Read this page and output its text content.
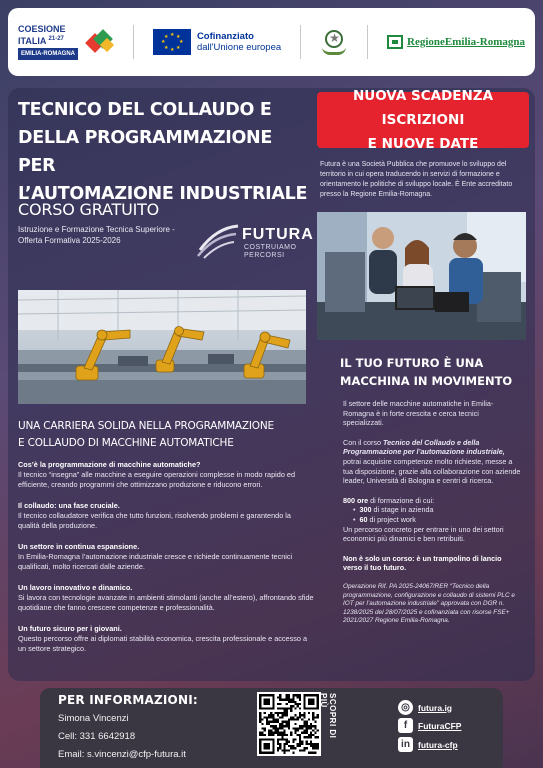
COESIONE
ITALIA $^{21-27}$
EMILIA-ROMAGNA
★ ★
★
★
★
★
★
★	Cofinanziato
dall'Unione europea
★	RegioneEmilia-Romagna
TECNICO DEL COLLAUDO E
DELLA PROGRAMMAZIONE PER
L’AUTOMAZIONE INDUSTRIALE
NUOVA SCADENZA ISCRIZIONI
E NUOVE DATE
Futura è una Società Pubblica che promuove lo sviluppo del territorio in cui opera traducendo in servizi di formazione e orientamento le politiche di sviluppo locale. È Ente accreditato presso la Regione Emilia-Romagna.
CORSO GRATUITO
Istruzione e Formazione Tecnica Superiore -
Offerta Formativa 2025-2026	FUTURA
COSTRUIAMO
PERCORSI
IL TUO FUTURO È UNA
MACCHINA IN MOVIMENTO

Il settore delle macchine automatiche in Emilia-Romagna è in forte crescita e cerca tecnici specializzati.

Con il corso Tecnico del Collaudo e della Programmazione per l’automazione industriale, potrai acquisire competenze molto richieste, messe a tua disposizione, grazie alla collaborazione con aziende leader, Università di Bologna e centri di ricerca.

800 ore di formazione di cui:
• 300 di stage in azienda
• 60 di project work

Un percorso concreto per entrare in uno dei settori economici più dinamici e ben retribuiti.

Non è solo un corso: è un trampolino di lancio verso il tuo futuro.

Operazione Rif. PA 2025-24067/RER “Tecnico della programmazione, configurazione e collaudo di sistemi PLC e IOT per l’automazione industriale” approvata con DGR n. 1238/2025 del 28/07/2025 e cofinanziata con risorse FSE+ 2021/2027 Regione Emilia-Romagna.
UNA CARRIERA SOLIDA NELLA PROGRAMMAZIONE
E COLLAUDO DI MACCHINE AUTOMATICHE
Cos’è la programmazione di macchine automatiche?
Il tecnico “insegna” alle macchine a eseguire operazioni complesse in modo rapido ed efficiente, creando programmi che ottimizzano produzione e riducono errori.
Il collaudo: una fase cruciale.
Il tecnico collaudatore verifica che tutto funzioni, risolvendo problemi e garantendo la qualità della produzione.
Un settore in continua espansione.
In Emilia-Romagna l’automazione industriale cresce e richiede continuamente tecnici qualificati, molto ricercati dalle aziende.
Un lavoro innovativo e dinamico.
Si lavora con tecnologie avanzate in ambienti stimolanti (anche all’estero), affrontando sfide quotidiane che fanno crescere competenze e professionalità.
Un futuro sicuro per i giovani.
Questo percorso offre ai diplomati stabilità economica, crescita professionale e accesso a un settore strategico.
PER INFORMAZIONI:
Simona Vincenzi
Cell: 331 6642918
Email: s.vincenzi@cfp-futura.it
SCOPRI DI PIÙ	◎ futura.ig
f	FuturaCFP
in futura-cfp
